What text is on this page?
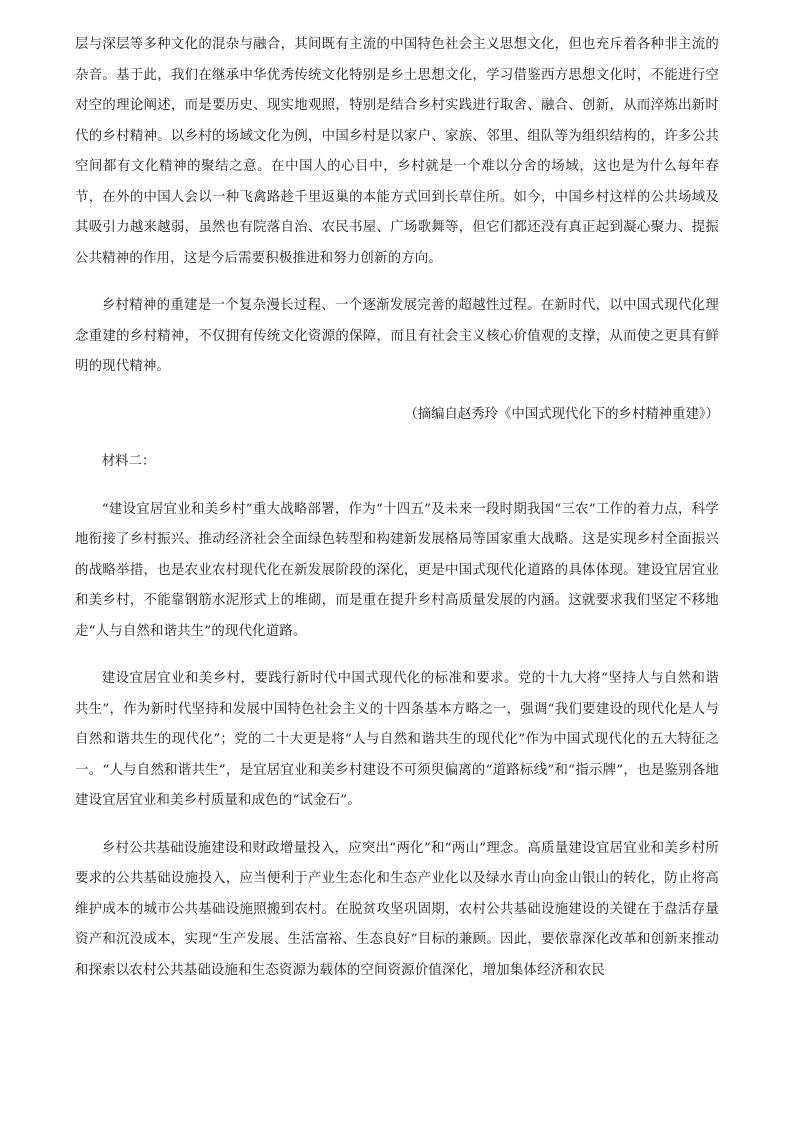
层与深层等多种文化的混杂与融合，其间既有主流的中国特色社会主义思想文化，但也充斥着各种非主流的杂音。基于此，我们在继承中华优秀传统文化特别是乡土思想文化，学习借鉴西方思想文化时，不能进行空对空的理论阐述，而是要历史、现实地观照，特别是结合乡村实践进行取舍、融合、创新，从而淬炼出新时代的乡村精神。以乡村的场域文化为例，中国乡村是以家户、家族、邻里、组队等为组织结构的，许多公共空间都有文化精神的聚结之意。在中国人的心目中，乡村就是一个难以分舍的场域，这也是为什么每年春节，在外的中国人会以一种飞禽路趁千里返巢的本能方式回到长草住所。如今，中国乡村这样的公共场域及其吸引力越来越弱，虽然也有院落自治、农民书屋、广场歌舞等，但它们都还没有真正起到凝心聚力、提振公共精神的作用，这是今后需要积极推进和努力创新的方向。

乡村精神的重建是一个复杂漫长过程、一个逐渐发展完善的超越性过程。在新时代，以中国式现代化理念重建的乡村精神，不仅拥有传统文化资源的保障，而且有社会主义核心价值观的支撑，从而使之更具有鲜明的现代精神。

（摘编自赵秀玲《中国式现代化下的乡村精神重建》）

材料二：

“建设宜居宜业和美乡村”重大战略部署，作为“十四五”及未来一段时期我国“三农”工作的着力点，科学地衔接了乡村振兴、推动经济社会全面绿色转型和构建新发展格局等国家重大战略。这是实现乡村全面振兴的战略举措，也是农业农村现代化在新发展阶段的深化，更是中国式现代化道路的具体体现。建设宜居宜业和美乡村，不能靠钢筋水泥形式上的堆砌，而是重在提升乡村高质量发展的内涵。这就要求我们坚定不移地走“人与自然和谐共生”的现代化道路。

建设宜居宜业和美乡村，要践行新时代中国式现代化的标准和要求。党的十九大将“坚持人与自然和谐共生”，作为新时代坚持和发展中国特色社会主义的十四条基本方略之一，强调“我们要建设的现代化是人与自然和谐共生的现代化”；党的二十大更是将“人与自然和谐共生的现代化”作为中国式现代化的五大特征之一。“人与自然和谐共生”，是宜居宜业和美乡村建设不可须臾偏离的“道路标线”和“指示牌”，也是鉴别各地建设宜居宜业和美乡村质量和成色的“试金石”。

乡村公共基础设施建设和财政增量投入，应突出“两化”和“两山”理念。高质量建设宜居宜业和美乡村所要求的公共基础设施投入，应当便利于产业生态化和生态产业化以及绿水青山向金山银山的转化，防止将高维护成本的城市公共基础设施照搬到农村。在脱贫攻坚巩固期，农村公共基础设施建设的关键在于盘活存量资产和沉没成本，实现“生产发展、生活富裕、生态良好”目标的兼顾。因此，要依靠深化改革和创新来推动和探索以农村公共基础设施和生态资源为载体的空间资源价值深化，增加集体经济和农民
